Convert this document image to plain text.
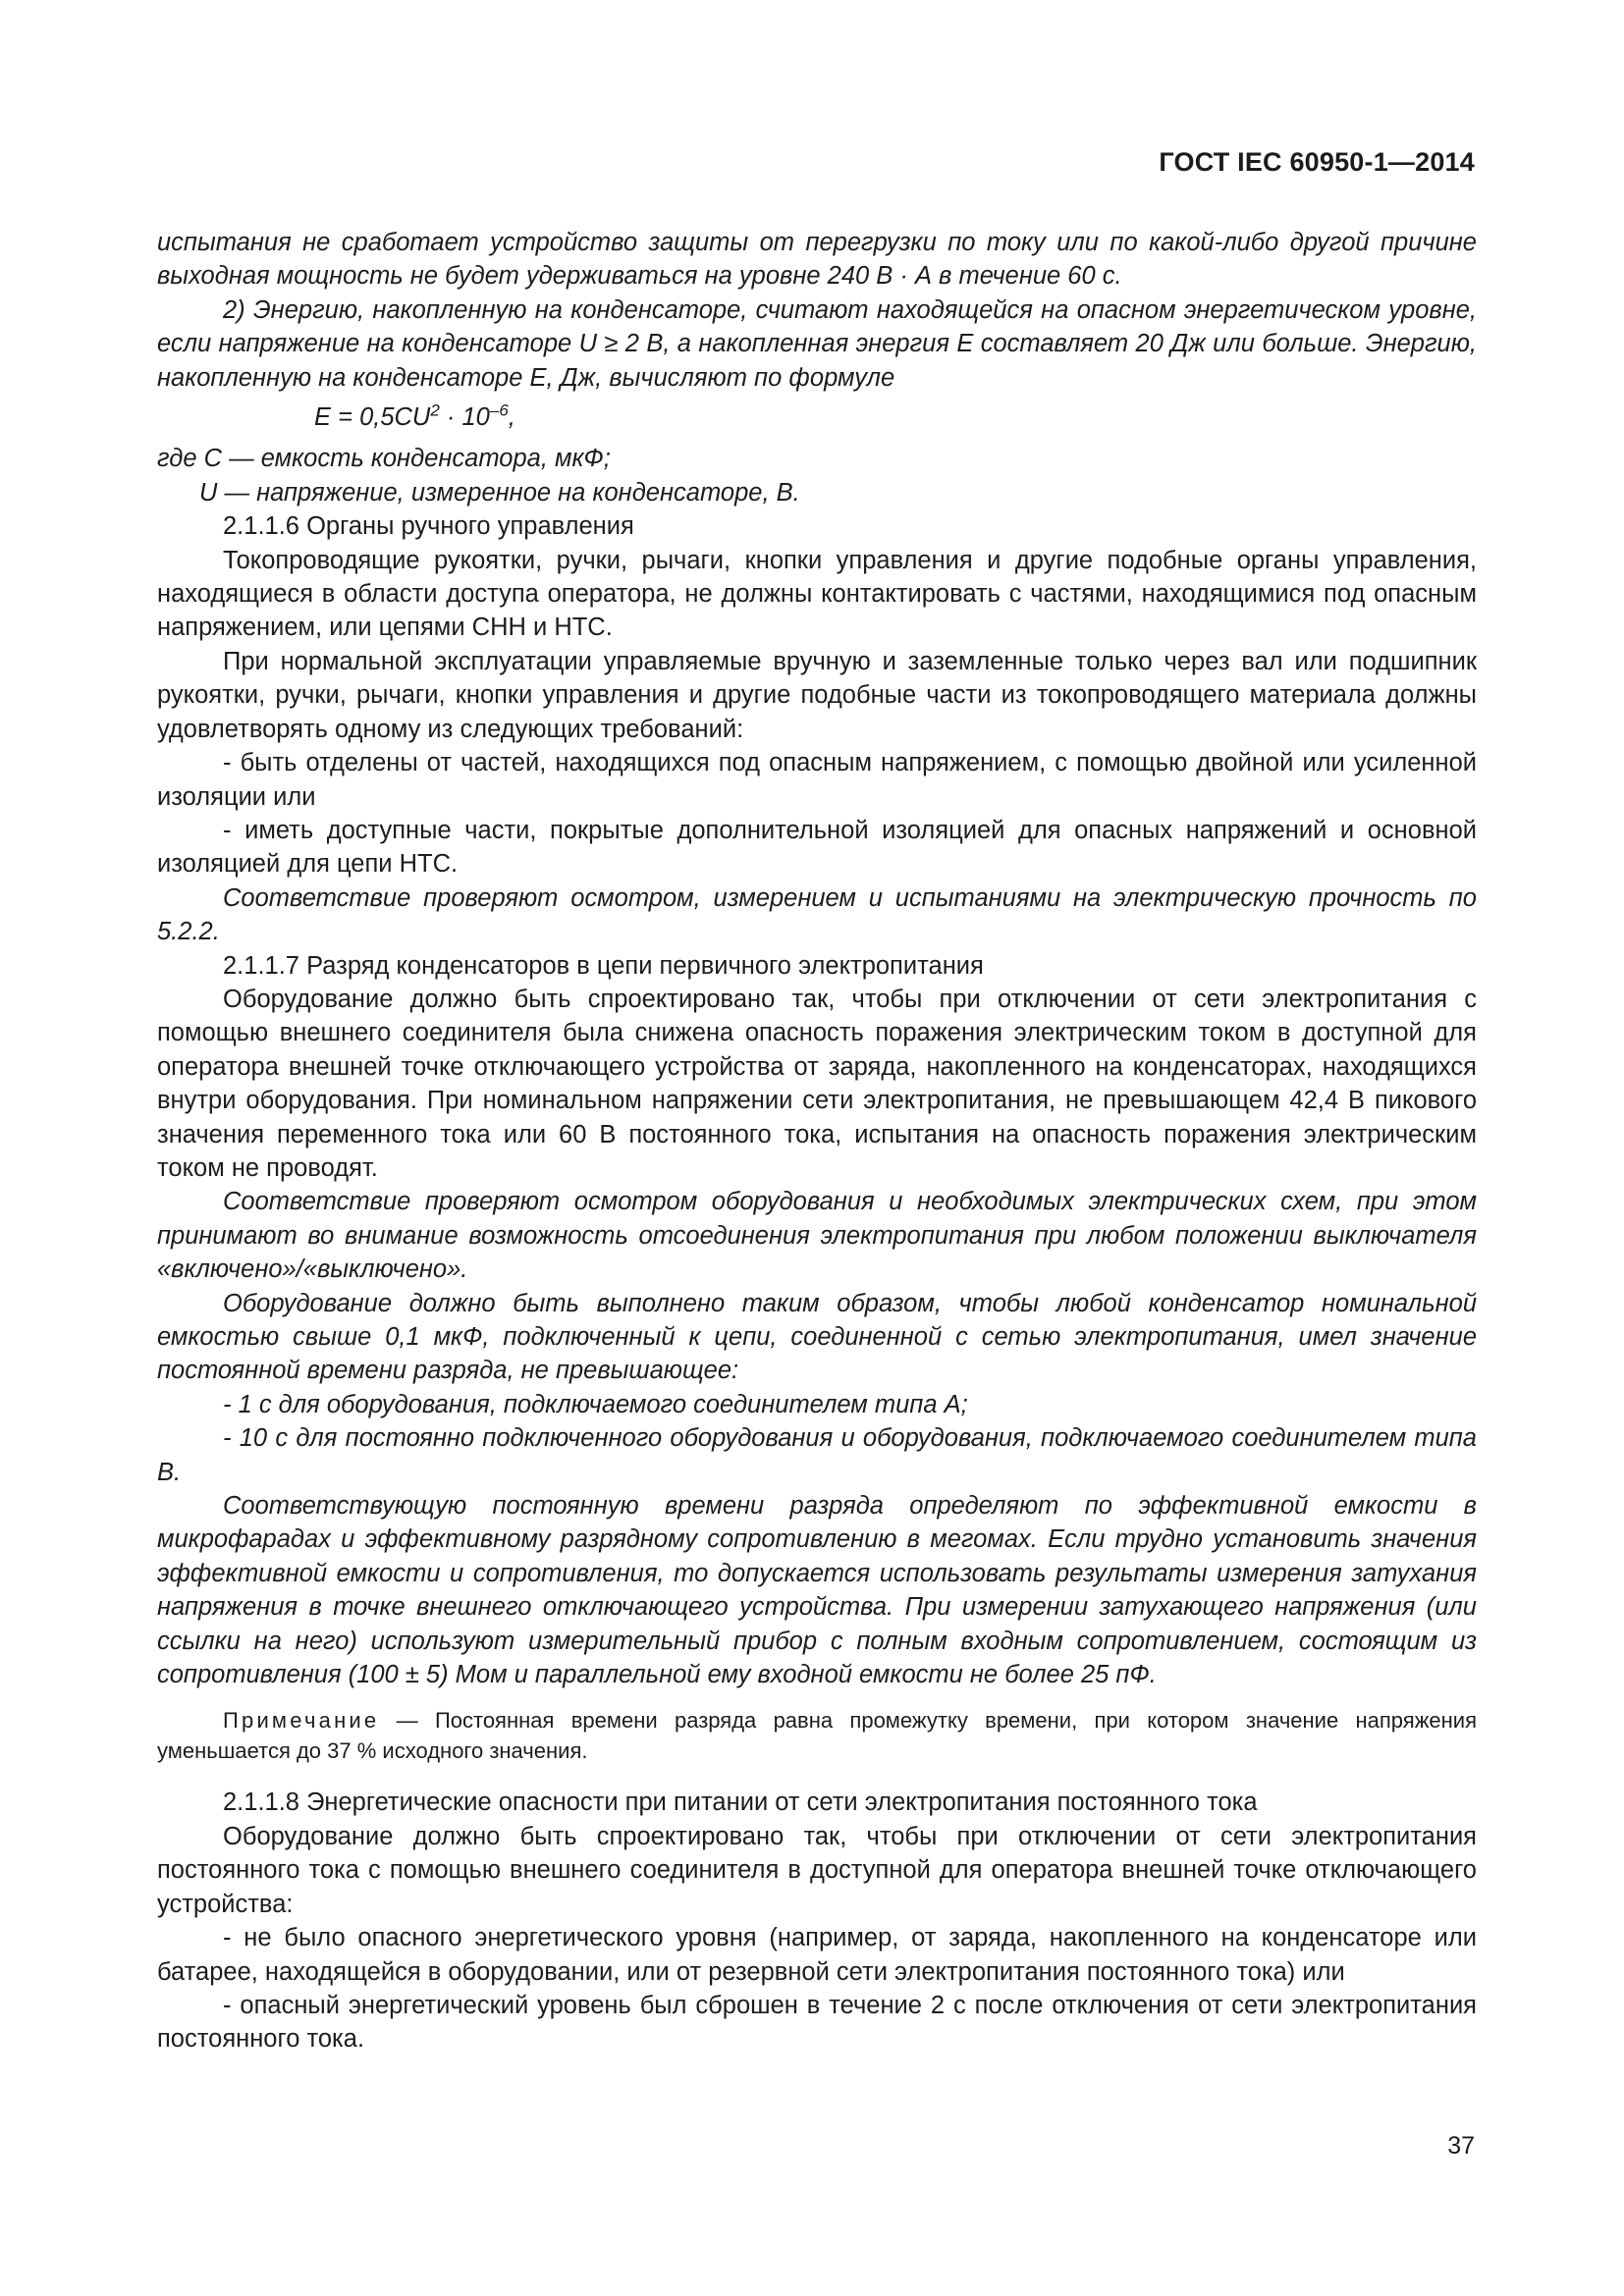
ГОСТ IEC 60950-1—2014

испытания не сработает устройство защиты от перегрузки по току или по какой-либо другой причине выходная мощность не будет удерживаться на уровне 240 В · А в течение 60 с.

2) Энергию, накопленную на конденсаторе, считают находящейся на опасном энергетическом уровне, если напряжение на конденсаторе U ≥ 2 В, а накопленная энергия E составляет 20 Дж или больше. Энергию, накопленную на конденсаторе E, Дж, вычисляют по формуле

$E = 0,5CU^2 \cdot 10^{-6}$,

где C — емкость конденсатора, мкФ;

U — напряжение, измеренное на конденсаторе, В.

2.1.1.6 Органы ручного управления

Токопроводящие рукоятки, ручки, рычаги, кнопки управления и другие подобные органы управления, находящиеся в области доступа оператора, не должны контактировать с частями, находящимися под опасным напряжением, или цепями СНН и НТС.

При нормальной эксплуатации управляемые вручную и заземленные только через вал или подшипник рукоятки, ручки, рычаги, кнопки управления и другие подобные части из токопроводящего материала должны удовлетворять одному из следующих требований:

- быть отделены от частей, находящихся под опасным напряжением, с помощью двойной или усиленной изоляции или

- иметь доступные части, покрытые дополнительной изоляцией для опасных напряжений и основной изоляцией для цепи НТС.

Соответствие проверяют осмотром, измерением и испытаниями на электрическую прочность по 5.2.2.

2.1.1.7 Разряд конденсаторов в цепи первичного электропитания

Оборудование должно быть спроектировано так, чтобы при отключении от сети электропитания с помощью внешнего соединителя была снижена опасность поражения электрическим током в доступной для оператора внешней точке отключающего устройства от заряда, накопленного на конденсаторах, находящихся внутри оборудования. При номинальном напряжении сети электропитания, не превышающем 42,4 В пикового значения переменного тока или 60 В постоянного тока, испытания на опасность поражения электрическим током не проводят.

Соответствие проверяют осмотром оборудования и необходимых электрических схем, при этом принимают во внимание возможность отсоединения электропитания при любом положении выключателя «включено»/«выключено».

Оборудование должно быть выполнено таким образом, чтобы любой конденсатор номинальной емкостью свыше 0,1 мкФ, подключенный к цепи, соединенной с сетью электропитания, имел значение постоянной времени разряда, не превышающее:

- 1 с для оборудования, подключаемого соединителем типа A;

- 10 с для постоянно подключенного оборудования и оборудования, подключаемого соединителем типа B.

Соответствующую постоянную времени разряда определяют по эффективной емкости в микрофарадах и эффективному разрядному сопротивлению в мегомах. Если трудно установить значения эффективной емкости и сопротивления, то допускается использовать результаты измерения затухания напряжения в точке внешнего отключающего устройства. При измерении затухающего напряжения (или ссылки на него) используют измерительный прибор с полным входным сопротивлением, состоящим из сопротивления (100 ± 5) Мом и параллельной ему входной емкости не более 25 пФ.

Примечание — Постоянная времени разряда равна промежутку времени, при котором значение напряжения уменьшается до 37 % исходного значения.

2.1.1.8 Энергетические опасности при питании от сети электропитания постоянного тока

Оборудование должно быть спроектировано так, чтобы при отключении от сети электропитания постоянного тока с помощью внешнего соединителя в доступной для оператора внешней точке отключающего устройства:

- не было опасного энергетического уровня (например, от заряда, накопленного на конденсаторе или батарее, находящейся в оборудовании, или от резервной сети электропитания постоянного тока) или

- опасный энергетический уровень был сброшен в течение 2 с после отключения от сети электропитания постоянного тока.

37
